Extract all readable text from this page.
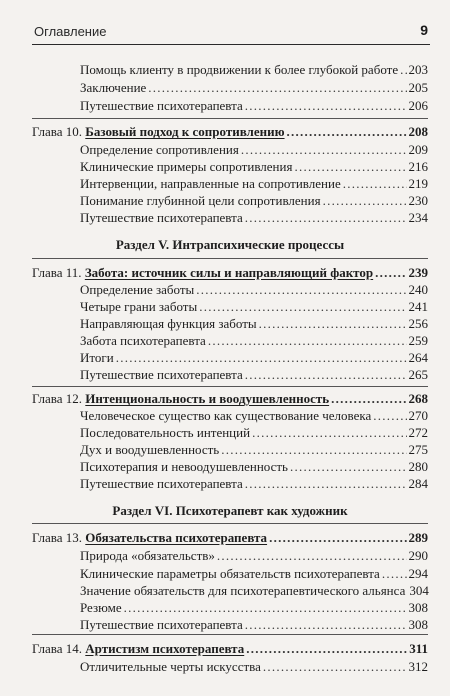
Оглавление	9
Помощь клиенту в продвижении к более глубокой работе . . . 203
Заключение . . .	205
Путешествие психотерапевта . . .	206
Глава 10. Базовый подход к сопротивлению . . .	208
Определение сопротивления . . .	209
Клинические примеры сопротивления . . .	216
Интервенции, направленные на сопротивление . . .	219
Понимание глубинной цели сопротивления . . .	230
Путешествие психотерапевта . . .	234
Раздел V. Интрапсихические процессы
Глава 11. Забота: источник силы и направляющий фактор . . .	239
Определение заботы . . .	240
Четыре грани заботы . . .	241
Направляющая функция заботы . . .	256
Забота психотерапевта . . .	259
Итоги . . .	264
Путешествие психотерапевта . . .	265
Глава 12. Интенциональность и воодушевленность . . .	268
Человеческое существо как существование человека . . .	270
Последовательность интенций . . .	272
Дух и воодушевленность . . .	275
Психотерапия и невоодушевленность . . .	280
Путешествие психотерапевта . . .	284
Раздел VI. Психотерапевт как художник
Глава 13. Обязательства психотерапевта . . .	289
Природа «обязательств» . . .	290
Клинические параметры обязательств психотерапевта . . . 294
Значение обязательств для психотерапевтического альянса 304
Резюме . . .	308
Путешествие психотерапевта . . .	308
Глава 14. Артистизм психотерапевта . . .	311
Отличительные черты искусства . . .	312
